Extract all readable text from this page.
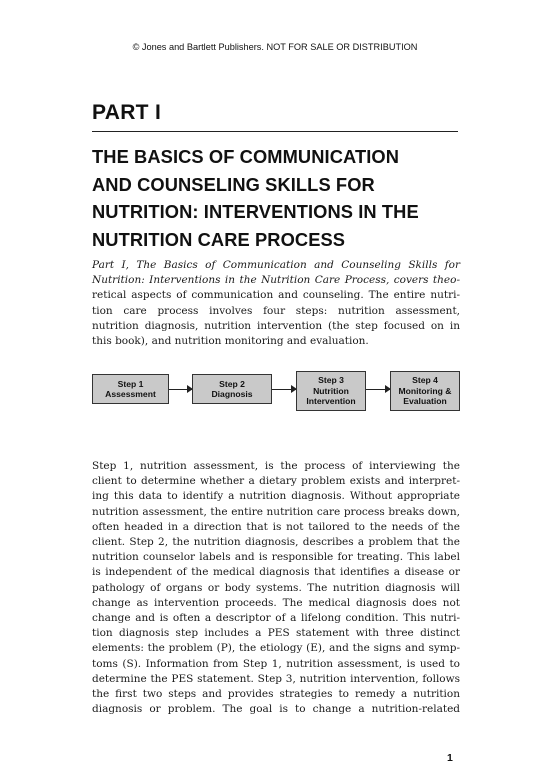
© Jones and Bartlett Publishers. NOT FOR SALE OR DISTRIBUTION
PART I
THE BASICS OF COMMUNICATION
AND COUNSELING SKILLS FOR
NUTRITION: INTERVENTIONS IN THE
NUTRITION CARE PROCESS
Part I, The Basics of Communication and Counseling Skills for
Nutrition: Interventions in the Nutrition Care Process, covers theo-
retical aspects of communication and counseling. The entire nutri-
tion care process involves four steps: nutrition assessment,
nutrition diagnosis, nutrition intervention (the step focused on in
this book), and nutrition monitoring and evaluation.
Step 1
Assessment
Step 2
Diagnosis
Step 3
Nutrition
Intervention
Step 4
Monitoring &
Evaluation
Step 1, nutrition assessment, is the process of interviewing the
client to determine whether a dietary problem exists and interpret-
ing this data to identify a nutrition diagnosis. Without appropriate
nutrition assessment, the entire nutrition care process breaks down,
often headed in a direction that is not tailored to the needs of the
client. Step 2, the nutrition diagnosis, describes a problem that the
nutrition counselor labels and is responsible for treating. This label
is independent of the medical diagnosis that identifies a disease or
pathology of organs or body systems. The nutrition diagnosis will
change as intervention proceeds. The medical diagnosis does not
change and is often a descriptor of a lifelong condition. This nutri-
tion diagnosis step includes a PES statement with three distinct
elements: the problem (P), the etiology (E), and the signs and symp-
toms (S). Information from Step 1, nutrition assessment, is used to
determine the PES statement. Step 3, nutrition intervention, follows
the first two steps and provides strategies to remedy a nutrition
diagnosis or problem. The goal is to change a nutrition-related
1
